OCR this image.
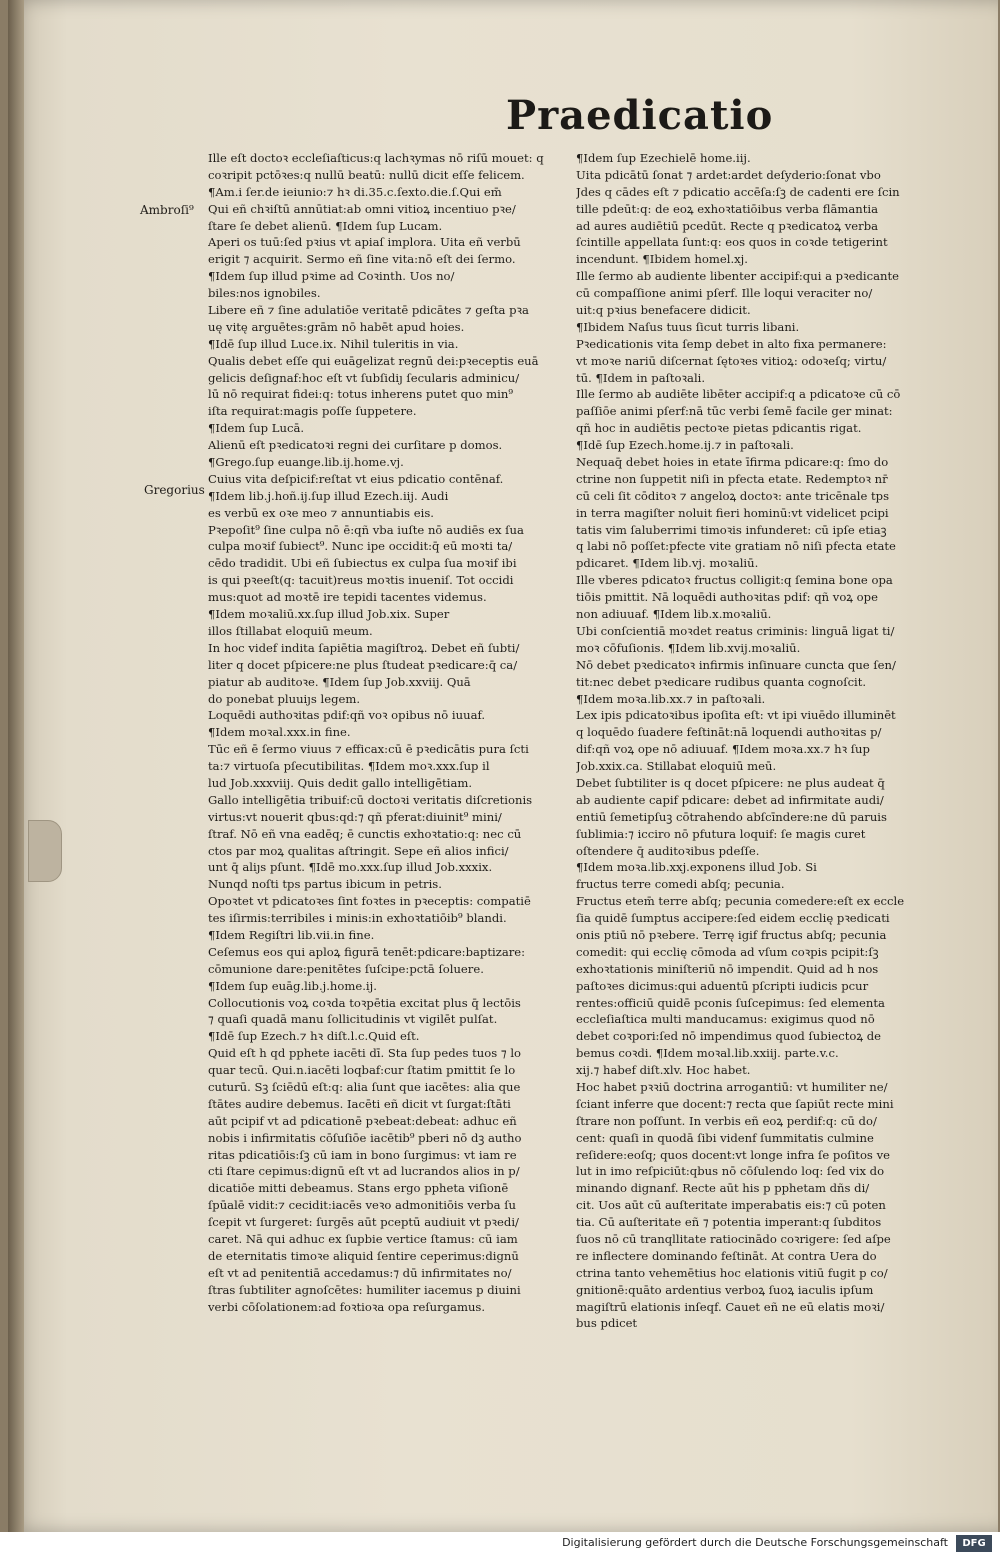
Praedicatio
Ambroſi⁹
Gregorius
Ille eſt doctoꝛ eccleſiaſticus:q lachꝛymas nō riſū mouet: q
coꝛripit pctōꝛes:q nullū beatū: nullū dicit eſſe felicem.
¶Am.i ſer.de ieiunio:⁊ hꝛ di.35.c.ſexto.die.ſ.Qui em̄
Qui eñ chꝛiſtū annūtiat:ab omni vitioꝝ incentiuo pꝛe/
ſtare ſe debet alienū. ¶Idem ſup Lucam.
Aperi os tuū:ſed pꝛius vt apiaſ implora. Uita eñ verbū
erigit ⁊ acquirit. Sermo eñ ſine vita:nō eſt dei ſermo.
¶Idem ſup illud pꝛime ad Coꝛinth. Uos no/
biles:nos ignobiles.
Libere eñ ⁊ ſine adulatiōe veritatē pdicātes ⁊ geſta pꝛa
uę vitę arguētes:grām nō habēt apud hoies.
¶Idē ſup illud Luce.ix. Nihil tuleritis in via.
Qualis debet eſſe qui euāgelizat regnū dei:pꝛeceptis euā
gelicis deſignaf:hoc eſt vt ſubſidiȷ ſecularis adminicu/
lū nō requirat fidei:q: totus inherens putet quo min⁹
iſta requirat:magis poſſe ſuppetere.
¶Idem ſup Lucā.
Alienū eſt pꝛedicatoꝛi regni dei curſitare p domos.
¶Grego.ſup euange.lib.ij.home.vj.
Cuius vita deſpicif:reſtat vt eius pdicatio contēnaf.
¶Idem lib.j.hoñ.ij.ſup illud Ezech.iij. Audi
es verbū ex oꝛe meo ⁊ annuntiabis eis.
Pꝛepoſit⁹ ſine culpa nō ē:qñ vba iuſte nō audiēs ex ſua
culpa moꝛif ſubiect⁹. Nunc ipe occidit:q̄ eū moꝛti ta/
cēdo tradidit. Ubi eñ ſubiectus ex culpa ſua moꝛif ibi
is qui pꝛeeſt(q: tacuit)reus moꝛtis inueniſ. Tot occidi
mus:quot ad moꝛtē ire tepidi tacentes videmus.
¶Idem moꝛaliū.xx.ſup illud Job.xix. Super
illos ſtillabat eloquiū meum.
In hoc videf indita ſapiētia magiſtroꝝ. Debet eñ ſubti/
liter q docet pſpicere:ne plus ſtudeat pꝛedicare:q̄ ca/
piatur ab auditoꝛe. ¶Idem ſup Job.xxviij. Quā
do ponebat pluuiȷs legem.
Loquēdi authoꝛitas pdif:qñ voꝛ opibus nō iuuaf.
¶Idem moꝛal.xxx.in fine.
Tūc eñ ē ſermo viuus ⁊ efficax:cū ē pꝛedicātis pura ſcti
ta:⁊ virtuoſa pſecutibilitas. ¶Idem moꝛ.xxx.ſup il
lud Job.xxxviij. Quis dedit gallo intelligētiam.
Gallo intelligētia tribuif:cū doctoꝛi veritatis diſcretionis
virtus:vt nouerit qbus:qd:⁊ qñ pferat:diuinit⁹ mini/
ſtraf. Nō eñ vna eadēq; ē cunctis exhoꝛtatio:q: nec cū
ctos par moꝝ qualitas aſtringit. Sepe eñ alios infici/
unt q̄ aliȷs pſunt. ¶Idē mo.xxx.ſup illud Job.xxxix.
Nunqd noſti tps partus ibicum in petris.
Opoꝛtet vt pdicatoꝛes ſint foꝛtes in pꝛeceptis: compatiē
tes iſirmis:terribiles i minis:in exhoꝛtatiōib⁹ blandi.
¶Idem Regiſtri lib.vii.in fine.
Ceſemus eos qui aploꝝ figurā tenēt:pdicare:baptizare:
cōmunione dare:penitētes ſuſcipe:pctā ſoluere.
¶Idem ſup euāg.lib.j.home.ij.
Collocutionis voꝝ coꝛda toꝛpētia excitat plus q̄ lectōis
⁊ quaſi quadā manu ſollicitudinis vt vigilēt pulſat.
¶Idē ſup Ezech.⁊ hꝛ diſt.l.c.Quid eſt.
Quid eſt h qd pphete iacēti dī. Sta ſup pedes tuos ⁊ lo
quar tecū. Qui.n.iacēti loqbaf:cur ſtatim pmittit ſe lo
cuturū. Sꝫ ſciēdū eſt:q: alia ſunt que iacētes: alia que
ſtātes audire debemus. Iacēti eñ dicit vt ſurgat:ſtāti
aūt pcipif vt ad pdicationē pꝛebeat:debeat: adhuc eñ
nobis i infirmitatis cōſuſiōe iacētib⁹ pberi nō dꝫ autho
ritas pdicatiōis:ſꝫ cū iam in bono ſurgimus: vt iam re
cti ſtare cepimus:dignū eſt vt ad lucrandos alios in p/
dicatiōe mitti debeamus. Stans ergo ppheta viſionē
ſpūalē vidit:⁊ cecidit:iacēs veꝛo admonitiōis verba ſu
ſcepit vt ſurgeret: ſurgēs aūt pceptū audiuit vt pꝛedi/
caret. Nā qui adhuc ex ſupbie vertice ſtamus: cū iam
de eternitatis timoꝛe aliquid ſentire ceperimus:dignū
eſt vt ad penitentiā accedamus:⁊ dū infirmitates no/
ſtras ſubtiliter agnoſcētes: humiliter iacemus p diuini
verbi cōſolationem:ad foꝛtioꝛa opa reſurgamus.
¶Idem ſup Ezechielē home.iij.
Uita pdicātū ſonat ⁊ ardet:ardet deſyderio:ſonat vbo
Jdes q cādes eſt ⁊ pdicatio accēſa:ſꝫ de cadenti ere ſcin
tille pdeūt:q: de eoꝝ exhoꝛtatiōibus verba flāmantia
ad aures audiētiū pcedūt. Recte q pꝛedicatoꝝ verba
ſcintille appellata ſunt:q: eos quos in coꝛde tetigerint
incendunt. ¶Ibidem homel.xj.
Ille ſermo ab audiente libenter accipif:qui a pꝛedicante
cū compaſſione animi pſerf. Ille loqui veraciter no/
uit:q pꝛius benefacere didicit.
¶Ibidem Naſus tuus ſicut turris libani.
Pꝛedicationis vita ſemp debet in alto fixa permanere:
vt moꝛe nariū diſcernat ſętoꝛes vitioꝝ: odoꝛeſq; virtu/
tū. ¶Idem in paſtoꝛali.
Ille ſermo ab audiēte libēter accipif:q a pdicatoꝛe cū cō
paſſiōe animi pſerf:nā tūc verbi ſemē facile ger minat:
qñ hoc in audiētis pectoꝛe pietas pdicantis rigat.
¶Idē ſup Ezech.home.ij.⁊ in paſtoꝛali.
Nequaq̄ debet hoies in etate īfirma pdicare:q: ſmo do
ctrine non ſuppetit niſi in pfecta etate. Redemptoꝛ nr̄
cū celi ſit cōditoꝛ ⁊ angeloꝝ doctoꝛ: ante tricēnale tps
in terra magiſter noluit fieri hominū:vt videlicet pcipi
tatis vim ſaluberrimi timoꝛis infunderet: cū ipſe etiaꝫ
q labi nō poſſet:pfecte vite gratiam nō niſi pfecta etate
pdicaret. ¶Idem lib.vj. moꝛaliū.
Ille vberes pdicatoꝛ fructus colligit:q ſemina bone opa
tiōis pmittit. Nā loquēdi authoꝛitas pdif: qñ voꝝ ope
non adiuuaf. ¶Idem lib.x.moꝛaliū.
Ubi conſcientiā moꝛdet reatus criminis: linguā ligat ti/
moꝛ cōfuſionis. ¶Idem lib.xvij.moꝛaliū.
Nō debet pꝛedicatoꝛ infirmis inſinuare cuncta que ſen/
tit:nec debet pꝛedicare rudibus quanta cognoſcit.
¶Idem moꝛa.lib.xx.⁊ in paſtoꝛali.
Lex ipis pdicatoꝛibus ipoſita eſt: vt ipi viuēdo illuminēt
q loquēdo ſuadere feſtināt:nā loquendi authoꝛitas p/
dif:qñ voꝝ ope nō adiuuaf. ¶Idem moꝛa.xx.⁊ hꝛ ſup
Job.xxix.ca. Stillabat eloquiū meū.
Debet ſubtiliter is q docet pſpicere: ne plus audeat q̄
ab audiente capif pdicare: debet ad infirmitate audi/
entiū ſemetipſuꝫ cōtrahendo abſcīndere:ne dū paruis
ſublimia:⁊ icciro nō pfutura loquif: ſe magis curet
oſtendere q̄ auditoꝛibus pdeſſe.
¶Idem moꝛa.lib.xxj.exponens illud Job. Si
fructus terre comedi abſq; pecunia.
Fructus etem̄ terre abſq; pecunia comedere:eſt ex eccle
ſia quidē ſumptus accipere:ſed eidem ecclię pꝛedicati
onis ptiū nō pꝛebere. Terrę igif fructus abſq; pecunia
comedit: qui ecclię cōmoda ad vſum coꝛpis pcipit:ſꝫ
exhoꝛtationis miniſteriū nō impendit. Quid ad h nos
paſtoꝛes dicimus:qui aduentū pſcripti iudicis pcur
rentes:officiū quidē pconis ſuſcepimus: ſed elementa
eccleſiaſtica multi manducamus: exigimus quod nō
debet coꝛpori:ſed nō impendimus quod ſubiectoꝝ de
bemus coꝛdi. ¶Idem moꝛal.lib.xxiij. parte.v.c.
xij.⁊ habef diſt.xlv. Hoc habet.
Hoc habet pꝛꝛiū doctrina arrogantiū: vt humiliter ne/
ſciant inferre que docent:⁊ recta que ſapiūt recte mini
ſtrare non poſſunt. In verbis eñ eoꝝ perdif:q: cū do/
cent: quaſi in quodā ſibi videnf ſummitatis culmine
reſidere:eoſq; quos docent:vt longe infra ſe poſitos ve
lut in imo reſpiciūt:qbus nō cōſulendo loq: ſed vix do
minando dignanf. Recte aūt his p pphetam dñs di/
cit. Uos aūt cū auſteritate imperabatis eis:⁊ cū poten
tia. Cū auſteritate eñ ⁊ potentia imperant:q ſubditos
ſuos nō cū tranqllitate ratiocinādo coꝛrigere: ſed aſpe
re inflectere dominando feſtināt. At contra Uera do
ctrina tanto vehemētius hoc elationis vitiū fugit p co/
gnitionē:quāto ardentius verboꝝ ſuoꝝ iaculis ipſum
magiſtrū elationis inſeqf. Cauet eñ ne eū elatis moꝛi/
bus pdicet
Digitalisierung gefördert durch die Deutsche Forschungsgemeinschaft	DFG
